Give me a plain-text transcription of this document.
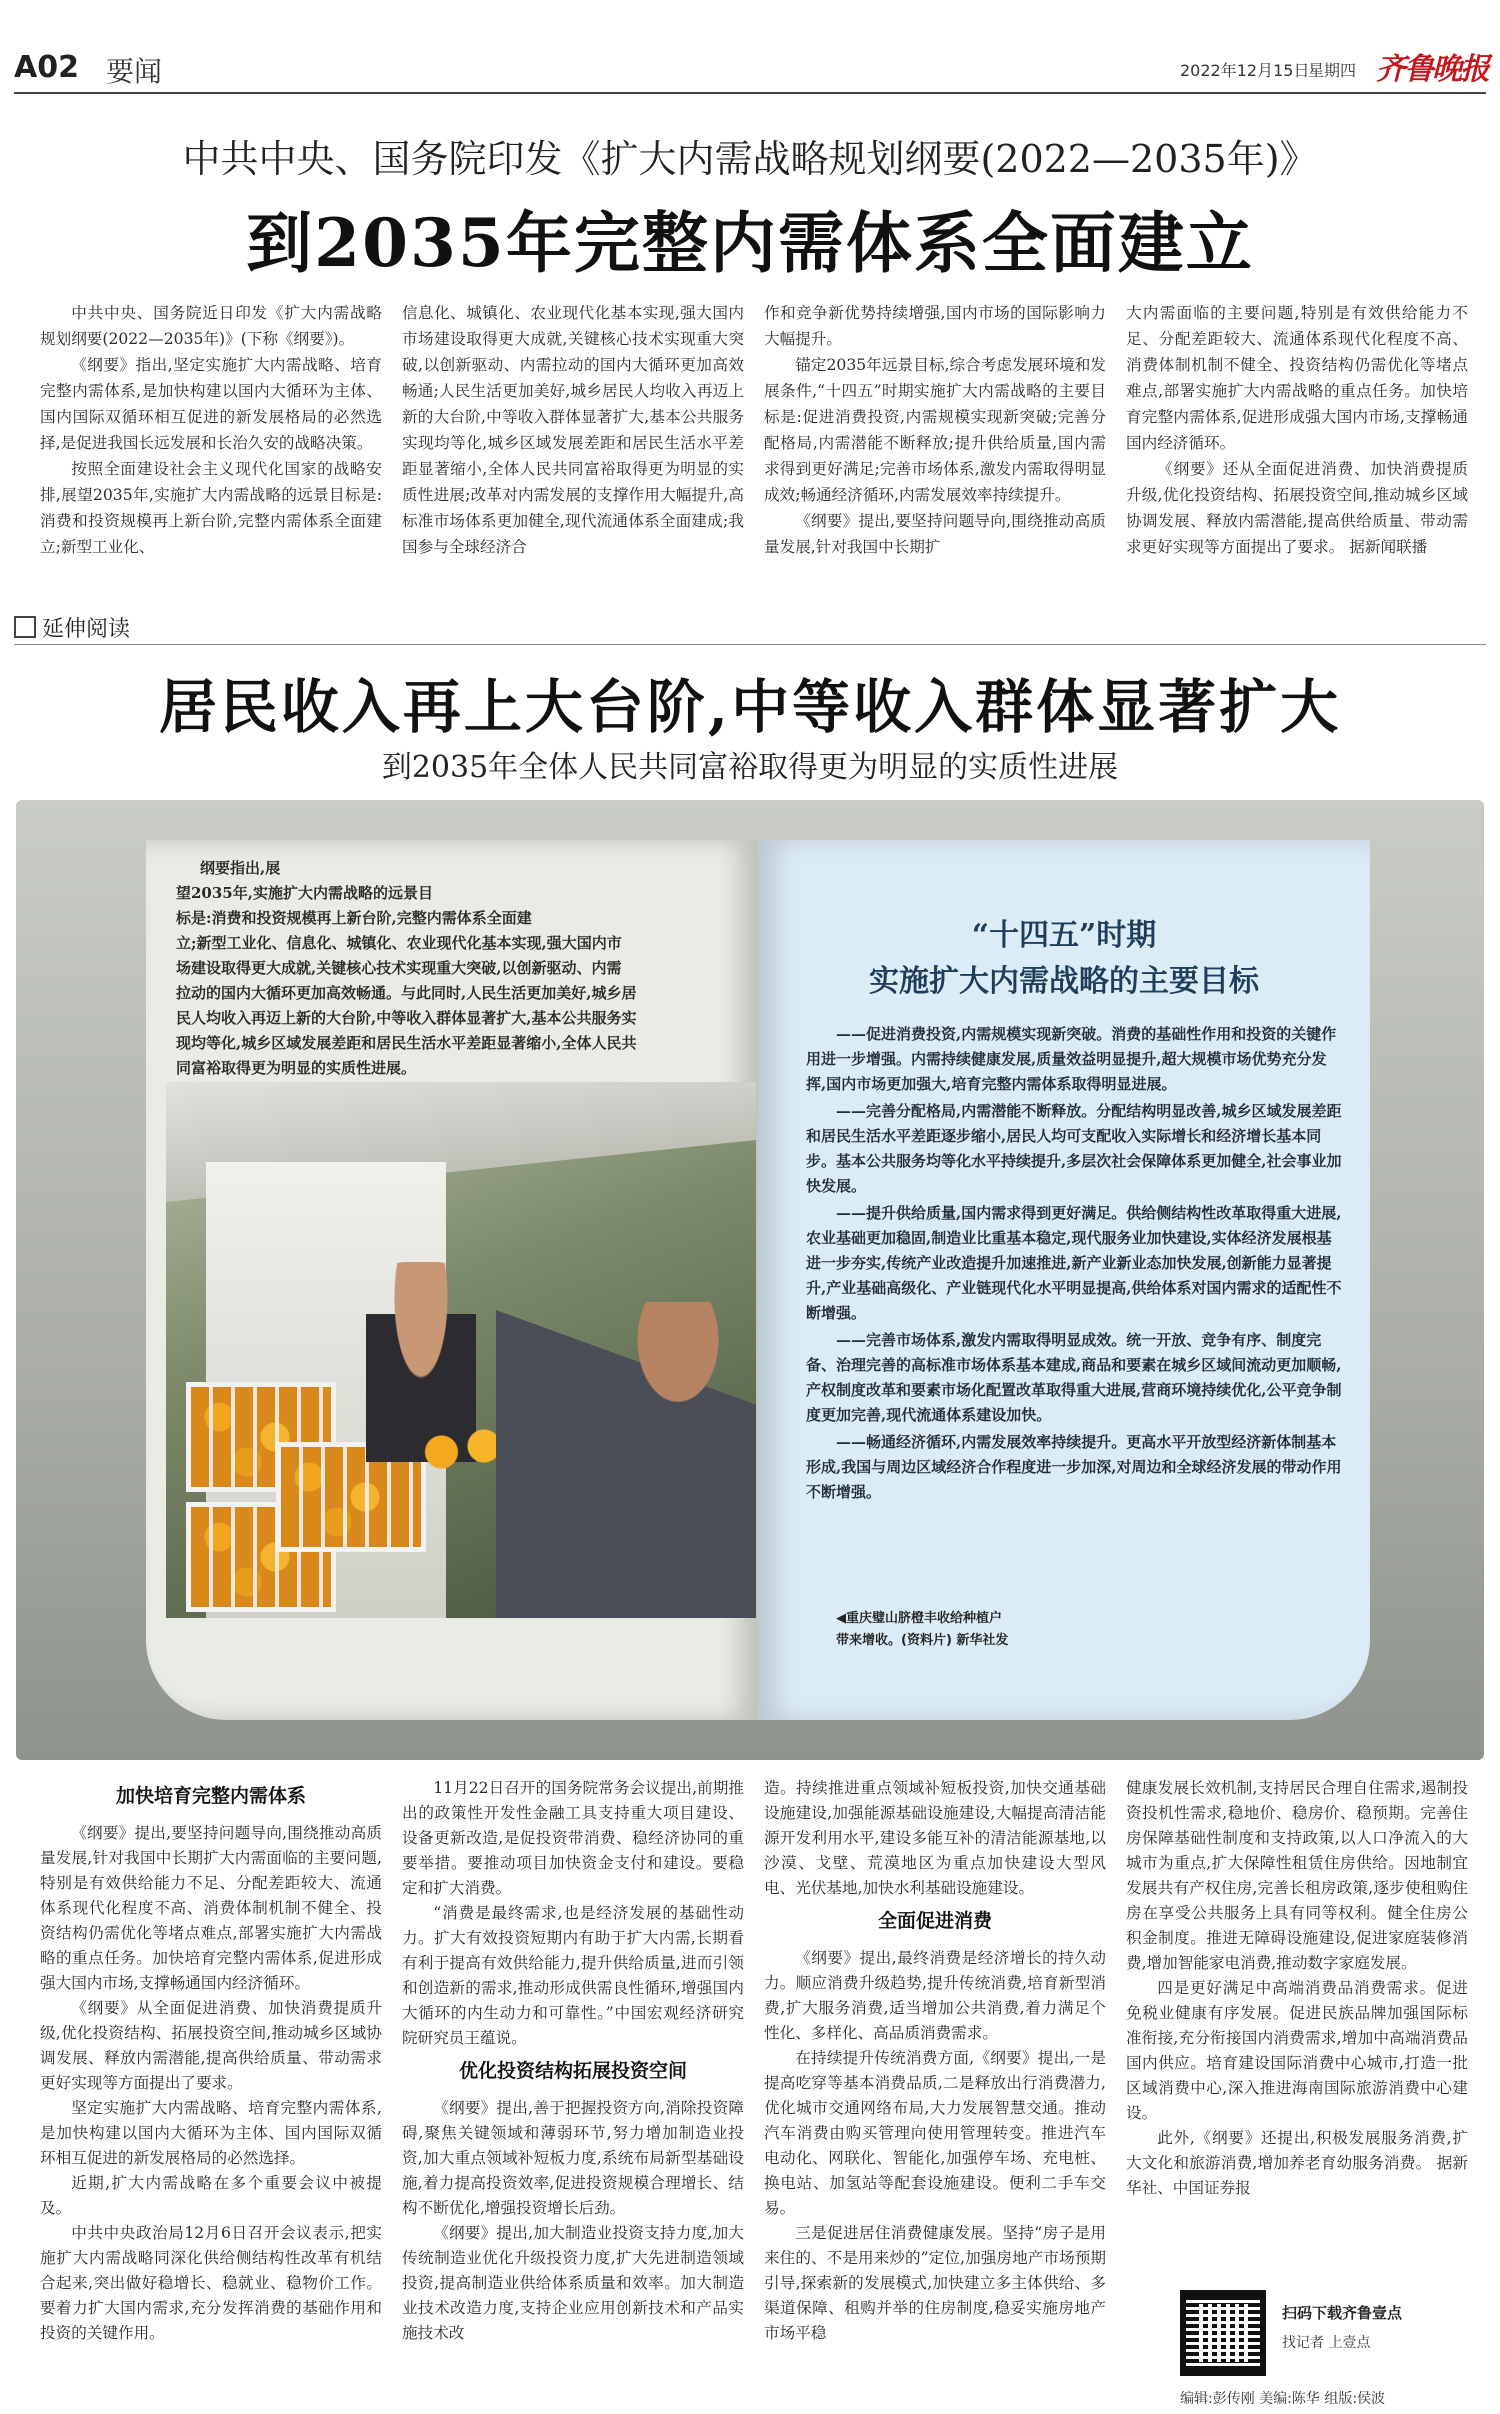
A02 要闻	2022年12月15日
星期四 齐鲁晚报
中共中央、国务院印发《扩大内需战略规划纲要(2022—2035年)》
到2035年完整内需体系全面建立

中共中央、国务院近日印发《扩大内需战略规划纲要(2022—2035年)》(下称《纲要》)。

《纲要》指出,坚定实施扩大内需战略、培育完整内需体系,是加快构建以国内大循环为主体、国内国际双循环相互促进的新发展格局的必然选择,是促进我国长远发展和长治久安的战略决策。

按照全面建设社会主义现代化国家的战略安排,展望2035年,实施扩大内需战略的远景目标是:消费和投资规模再上新台阶,完整内需体系全面建立;新型工业化、

信息化、城镇化、农业现代化基本实现,强大国内市场建设取得更大成就,关键核心技术实现重大突破,以创新驱动、内需拉动的国内大循环更加高效畅通;人民生活更加美好,城乡居民人均收入再迈上新的大台阶,中等收入群体显著扩大,基本公共服务实现均等化,城乡区域发展差距和居民生活水平差距显著缩小,全体人民共同富裕取得更为明显的实质性进展;改革对内需发展的支撑作用大幅提升,高标准市场体系更加健全,现代流通体系全面建成;我国参与全球经济合

作和竞争新优势持续增强,国内市场的国际影响力大幅提升。

锚定2035年远景目标,综合考虑发展环境和发展条件,“十四五”时期实施扩大内需战略的主要目标是:促进消费投资,内需规模实现新突破;完善分配格局,内需潜能不断释放;提升供给质量,国内需求得到更好满足;完善市场体系,激发内需取得明显成效;畅通经济循环,内需发展效率持续提升。

《纲要》提出,要坚持问题导向,围绕推动高质量发展,针对我国中长期扩

大内需面临的主要问题,特别是有效供给能力不足、分配差距较大、流通体系现代化程度不高、消费体制机制不健全、投资结构仍需优化等堵点难点,部署实施扩大内需战略的重点任务。加快培育完整内需体系,促进形成强大国内市场,支撑畅通国内经济循环。

《纲要》还从全面促进消费、加快消费提质升级,优化投资结构、拓展投资空间,推动城乡区域协调发展、释放内需潜能,提高供给质量、带动需求更好实现等方面提出了要求。 据新闻联播

延伸阅读
居民收入再上大台阶,中等收入群体显著扩大
到2035年全体人民共同富裕取得更为明显的实质性进展
纲要指出,展
望2035年,实施扩大内需战略的远景目
标是:消费和投资规模再上新台阶,完整内需体系全面建
立;新型工业化、信息化、城镇化、农业现代化基本实现,强大国内市
场建设取得更大成就,关键核心技术实现重大突破,以创新驱动、内需
拉动的国内大循环更加高效畅通。与此同时,人民生活更加美好,城乡居
民人均收入再迈上新的大台阶,中等收入群体显著扩大,基本公共服务实
现均等化,城乡区域发展差距和居民生活水平差距显著缩小,全体人民共
同富裕取得更为明显的实质性进展。
“十四五”时期
实施扩大内需战略的主要目标

——促进消费投资,内需规模实现新突破。消费的基础性作用和投资的关键作用进一步增强。内需持续健康发展,质量效益明显提升,超大规模市场优势充分发挥,国内市场更加强大,培育完整内需体系取得明显进展。

——完善分配格局,内需潜能不断释放。分配结构明显改善,城乡区域发展差距和居民生活水平差距逐步缩小,居民人均可支配收入实际增长和经济增长基本同步。基本公共服务均等化水平持续提升,多层次社会保障体系更加健全,社会事业加快发展。

——提升供给质量,国内需求得到更好满足。供给侧结构性改革取得重大进展,农业基础更加稳固,制造业比重基本稳定,现代服务业加快建设,实体经济发展根基进一步夯实,传统产业改造提升加速推进,新产业新业态加快发展,创新能力显著提升,产业基础高级化、产业链现代化水平明显提高,供给体系对国内需求的适配性不断增强。

——完善市场体系,激发内需取得明显成效。统一开放、竞争有序、制度完备、治理完善的高标准市场体系基本建成,商品和要素在城乡区域间流动更加顺畅,产权制度改革和要素市场化配置改革取得重大进展,营商环境持续优化,公平竞争制度更加完善,现代流通体系建设加快。

——畅通经济循环,内需发展效率持续提升。更高水平开放型经济新体制基本形成,我国与周边区域经济合作程度进一步加深,对周边和全球经济发展的带动作用不断增强。

◀重庆璧山脐橙丰收给种植户
带来增收。(资料片) 新华社发
加快培育完整内需体系

《纲要》提出,要坚持问题导向,围绕推动高质量发展,针对我国中长期扩大内需面临的主要问题,特别是有效供给能力不足、分配差距较大、流通体系现代化程度不高、消费体制机制不健全、投资结构仍需优化等堵点难点,部署实施扩大内需战略的重点任务。加快培育完整内需体系,促进形成强大国内市场,支撑畅通国内经济循环。

《纲要》从全面促进消费、加快消费提质升级,优化投资结构、拓展投资空间,推动城乡区域协调发展、释放内需潜能,提高供给质量、带动需求更好实现等方面提出了要求。

坚定实施扩大内需战略、培育完整内需体系,是加快构建以国内大循环为主体、国内国际双循环相互促进的新发展格局的必然选择。

近期,扩大内需战略在多个重要会议中被提及。

中共中央政治局12月6日召开会议表示,把实施扩大内需战略同深化供给侧结构性改革有机结合起来,突出做好稳增长、稳就业、稳物价工作。要着力扩大国内需求,充分发挥消费的基础作用和投资的关键作用。

11月22日召开的国务院常务会议提出,前期推出的政策性开发性金融工具支持重大项目建设、设备更新改造,是促投资带消费、稳经济协同的重要举措。要推动项目加快资金支付和建设。要稳定和扩大消费。

“消费是最终需求,也是经济发展的基础性动力。扩大有效投资短期内有助于扩大内需,长期看有利于提高有效供给能力,提升供给质量,进而引领和创造新的需求,推动形成供需良性循环,增强国内大循环的内生动力和可靠性。”中国宏观经济研究院研究员王蕴说。

优化投资结构拓展投资空间

《纲要》提出,善于把握投资方向,消除投资障碍,聚焦关键领域和薄弱环节,努力增加制造业投资,加大重点领域补短板力度,系统布局新型基础设施,着力提高投资效率,促进投资规模合理增长、结构不断优化,增强投资增长后劲。

《纲要》提出,加大制造业投资支持力度,加大传统制造业优化升级投资力度,扩大先进制造领域投资,提高制造业供给体系质量和效率。加大制造业技术改造力度,支持企业应用创新技术和产品实施技术改

造。持续推进重点领域补短板投资,加快交通基础设施建设,加强能源基础设施建设,大幅提高清洁能源开发利用水平,建设多能互补的清洁能源基地,以沙漠、戈壁、荒漠地区为重点加快建设大型风电、光伏基地,加快水利基础设施建设。

全面促进消费

《纲要》提出,最终消费是经济增长的持久动力。顺应消费升级趋势,提升传统消费,培育新型消费,扩大服务消费,适当增加公共消费,着力满足个性化、多样化、高品质消费需求。

在持续提升传统消费方面,《纲要》提出,一是提高吃穿等基本消费品质,二是释放出行消费潜力,优化城市交通网络布局,大力发展智慧交通。推动汽车消费由购买管理向使用管理转变。推进汽车电动化、网联化、智能化,加强停车场、充电桩、换电站、加氢站等配套设施建设。便利二手车交易。

三是促进居住消费健康发展。坚持“房子是用来住的、不是用来炒的”定位,加强房地产市场预期引导,探索新的发展模式,加快建立多主体供给、多渠道保障、租购并举的住房制度,稳妥实施房地产市场平稳

健康发展长效机制,支持居民合理自住需求,遏制投资投机性需求,稳地价、稳房价、稳预期。完善住房保障基础性制度和支持政策,以人口净流入的大城市为重点,扩大保障性租赁住房供给。因地制宜发展共有产权住房,完善长租房政策,逐步使租购住房在享受公共服务上具有同等权利。健全住房公积金制度。推进无障碍设施建设,促进家庭装修消费,增加智能家电消费,推动数字家庭发展。

四是更好满足中高端消费品消费需求。促进免税业健康有序发展。促进民族品牌加强国际标准衔接,充分衔接国内消费需求,增加中高端消费品国内供应。培育建设国际消费中心城市,打造一批区域消费中心,深入推进海南国际旅游消费中心建设。

此外,《纲要》还提出,积极发展服务消费,扩大文化和旅游消费,增加养老育幼服务消费。 据新华社、中国证券报

扫码下载齐鲁壹点
找记者 上壹点
编辑:彭传刚 美编:陈华 组版:侯波
